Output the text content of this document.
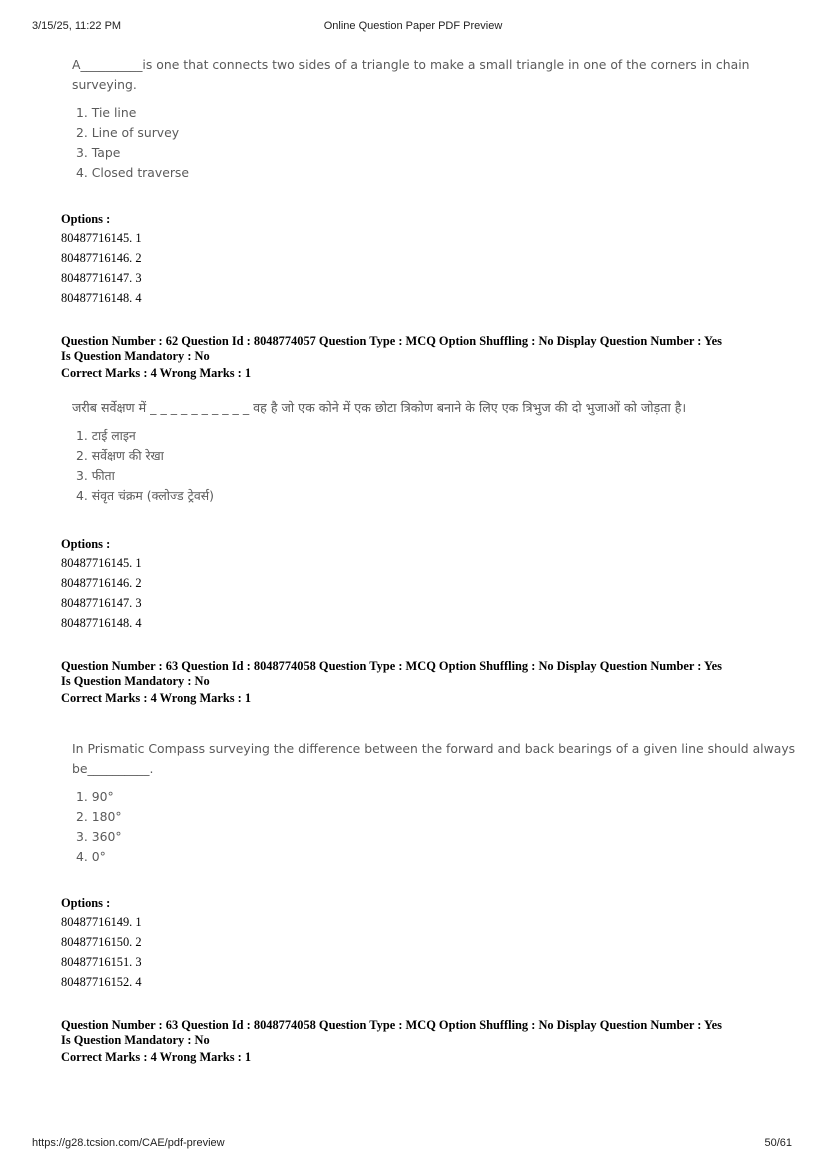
3/15/25, 11:22 PM	Online Question Paper PDF Preview

A__________is one that connects two sides of a triangle to make a small triangle in one of the corners in chain

surveying.

1. Tie line
2. Line of survey
3. Tape
4. Closed traverse
Options :
80487716145. 1
80487716146. 2
80487716147. 3
80487716148. 4
Question Number : 62 Question Id : 8048774057 Question Type : MCQ Option Shuffling : No Display Question Number : Yes
Is Question Mandatory : No
Correct Marks : 4 Wrong Marks : 1

जरीब सर्वेक्षण में _ _ _ _ _ _ _ _ _ _ वह है जो एक कोने में एक छोटा त्रिकोण बनाने के लिए एक त्रिभुज की दो भुजाओं को जोड़ता है।

1. टाई लाइन
2. सर्वेक्षण की रेखा
3. फीता
4. संवृत चंक्रम (क्लोज्ड ट्रेवर्स)
Options :
80487716145. 1
80487716146. 2
80487716147. 3
80487716148. 4
Question Number : 63 Question Id : 8048774058 Question Type : MCQ Option Shuffling : No Display Question Number : Yes
Is Question Mandatory : No
Correct Marks : 4 Wrong Marks : 1

In Prismatic Compass surveying the difference between the forward and back bearings of a given line should always

be__________.

1. 90°
2. 180°
3. 360°
4. 0°
Options :
80487716149. 1
80487716150. 2
80487716151. 3
80487716152. 4
Question Number : 63 Question Id : 8048774058 Question Type : MCQ Option Shuffling : No Display Question Number : Yes
Is Question Mandatory : No
Correct Marks : 4 Wrong Marks : 1
https://g28.tcsion.com/CAE/pdf-preview	50/61
